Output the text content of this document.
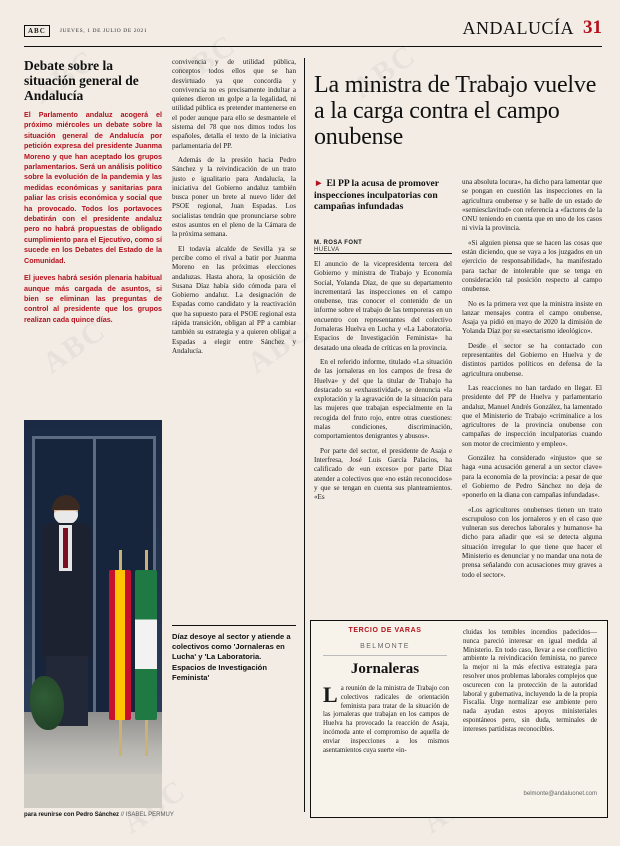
ABC	JUEVES, 1 DE JULIO DE 2021	ANDALUCÍA 31
Debate sobre la situación general de Andalucía

El Parlamento andaluz acogerá el próximo miércoles un debate sobre la situación general de Andalucía por petición expresa del presidente Juanma Moreno y que han aceptado los grupos parlamentarios. Será un análisis político sobre la evolución de la pandemia y las medidas económicas y sanitarias para paliar las crisis económica y social que ha provocado. Todos los portavoces debatirán con el presidente andaluz pero no habrá propuestas de obligado cumplimiento para el Ejecutivo, como sí sucede en los Debates del Estado de la Comunidad.

El jueves habrá sesión plenaria habitual aunque más cargada de asuntos, si bien se eliminan las preguntas de control al presidente que los grupos realizan cada quince días.

para reunirse con Pedro Sánchez // ISABEL PERMUY

convivencia y de utilidad pública, conceptos todos ellos que se han desvirtuado ya que concordia y convivencia no es precisamente indultar a quienes dieron un golpe a la legalidad, ni utilidad pública es pretender mantenerse en el poder aunque para ello se desmantele el sistema del 78 que nos dimos todos los españoles, detalla el texto de la iniciativa parlamentaria del PP.

Además de la presión hacia Pedro Sánchez y la reivindicación de un trato justo e igualitario para Andalucía, la iniciativa del Gobierno andaluz también busca poner un brete al nuevo líder del PSOE regional, Juan Espadas. Los socialistas tendrán que pronunciarse sobre estos asuntos en el pleno de la Cámara de la próxima semana.

El todavía alcalde de Sevilla ya se percibe como el rival a batir por Juanma Moreno en las próximas elecciones andaluzas. Hasta ahora, la oposición de Susana Díaz había sido cómoda para el Gobierno andaluz. La designación de Espadas como candidato y la reactivación que ha supuesto para el PSOE regional esta rápida transición, obligan al PP a cambiar también su estrategia y a quieren obligar a Espadas a elegir entre Sánchez y Andalucía.

Díaz desoye al sector y atiende a colectivos como 'Jornaleras en Lucha' y 'La Laboratoria. Espacios de Investigación Feminista'
La ministra de Trabajo vuelve a la carga contra el campo onubense
► El PP la acusa de promover inspecciones inculpatorias con campañas infundadas
M. ROSA FONT
HUELVA

El anuncio de la vicepresidenta tercera del Gobierno y ministra de Trabajo y Economía Social, Yolanda Díaz, de que su departamento incrementará las inspecciones en el campo onubense, tras conocer el contenido de un informe sobre el trabajo de las temporeras en un encuentro con representantes del colectivo Jornaleras Huelva en Lucha y «La Laboratoria. Espacios de Investigación Feminista» ha desatado una oleada de críticas en la provincia.

En el referido informe, titulado «La situación de las jornaleras en los campos de fresa de Huelva» y del que la titular de Trabajo ha destacado su «exhaustividad», se denuncia «la explotación y la agravación de la situación para las mujeres que trabajan especialmente en la recogida del fruto rojo, entre otras cuestiones: malas condiciones, discriminación, comportamientos denigrantes y abusos».

Por parte del sector, el presidente de Asaja e Interfresa, José Luis García Palacios, ha calificado de «un exceso» por parte Díaz atender a colectivos que «no están reconocidos» y que se tengan en cuenta sus planteamientos. «Es

una absoluta locura», ha dicho para lamentar que se pongan en cuestión las inspecciones en la agricultura onubense y se halle de un estado de «semiesclavitud» con referencia a «factores de la ONU teniendo en cuenta que en uno de los casos ni vivía la provincia.

«Si alguien piensa que se hacen las cosas que están diciendo, que se vaya a los juzgados en un ejercicio de responsabilidad», ha manifestado para tachar de intolerable que se tenga en consideración tal posición respecto al campo onubense.

No es la primera vez que la ministra insiste en lanzar mensajes contra el campo onubense, Asaja ya pidió en mayo de 2020 la dimisión de Yolanda Díaz por su «sectarismo ideológico».

Desde el sector se ha contactado con representantes del Gobierno en Huelva y de distintos partidos políticos en defensa de la agricultura onubense.

Las reacciones no han tardado en llegar. El presidente del PP de Huelva y parlamentario andaluz, Manuel Andrés González, ha lamentado que el Ministerio de Trabajo «criminalice a los agricultores de la provincia onubense con campañas de inspección inculpatorias cuando son motor de crecimiento y empleo».

González ha considerado «injusto» que se haga «una acusación general a un sector clave» para la economía de la provincia: a pesar de que el Gobierno de Pedro Sánchez no deja de «ponerlo en la diana con campañas infundadas».

«Los agricultores onubenses tienen un trato escrupuloso con los jornaleros y en el caso que vulneran sus derechos laborales y humanos» ha dicho para añadir que «si se detecta alguna situación irregular lo que tiene que hacer el Ministerio es denunciar y no mandar una nota de prensa señalando con acusaciones muy graves a todo el sector».

TERCIO DE VARAS
BELMONTE
Jornaleras

La reunión de la ministra de Trabajo con colectivos radicales de orientación feminista para tratar de la situación de las jornaleras que trabajan en los campos de Huelva ha provocado la reacción de Asaja, incómoda ante el compromiso de aquella de enviar inspecciones a los mismos asentamientos cuya suerte «in-

cluidas los temibles incendios padecidos— nunca pareció interesar en igual medida al Ministerio. En todo caso, llevar a ese conflictivo ambiente la reivindicación feminista, no parece la mejor ni la más efectiva estrategia para resolver unos problemas laborales complejos que oscurecen con la protección de la autoridad laboral y gubernativa, incluyendo la de la propia Fiscalía. Urge normalizar ese ambiente pero nada ayudan estos apoyos ministeriales espontáneos pero, sin duda, terminales de intereses partidistas reconocibles.

belmonte@andaluonet.com
